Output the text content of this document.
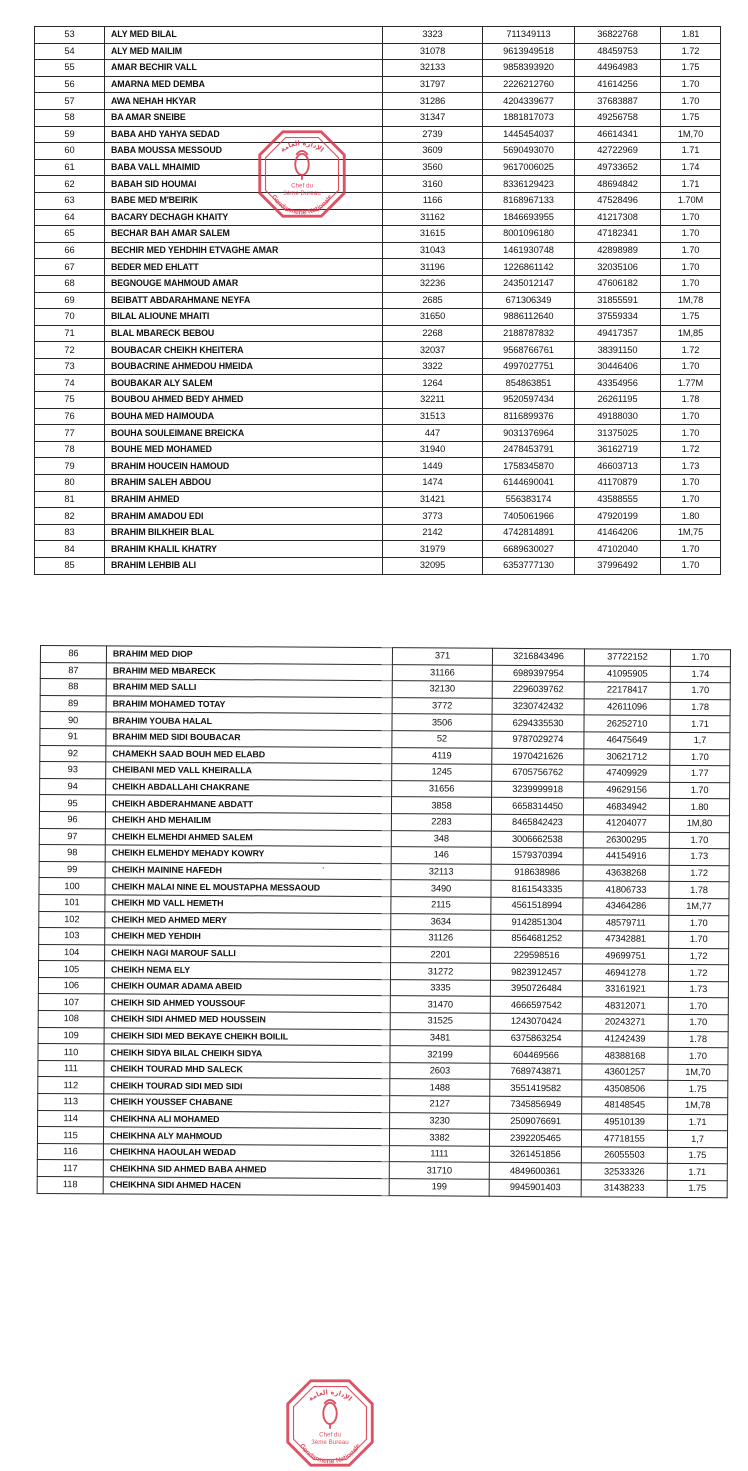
53	ALY MED BILAL	3323	711349113	36822768	1.81
54	ALY MED MAILIM	31078	9613949518	48459753	1.72
55	AMAR BECHIR VALL	32133	9858393920	44964983	1.75
56	AMARNA MED DEMBA	31797	2226212760	41614256	1.70
57	AWA NEHAH HKYAR	31286	4204339677	37683887	1.70
58	BA AMAR SNEIBE	31347	1881817073	49256758	1.75
59	BABA AHD YAHYA SEDAD	2739	1445454037	46614341	1M,70
60	BABA MOUSSA MESSOUD	3609	5690493070	42722969	1.71
61	BABA VALL MHAIMID	3560	9617006025	49733652	1.74
62	BABAH SID HOUMAI	3160	8336129423	48694842	1.71
63	BABE MED M'BEIRIK	1166	8168967133	47528496	1.70M
64	BACARY DECHAGH KHAITY	31162	1846693955	41217308	1.70
65	BECHAR BAH AMAR SALEM	31615	8001096180	47182341	1.70
66	BECHIR MED YEHDHIH ETVAGHE AMAR	31043	1461930748	42898989	1.70
67	BEDER MED EHLATT	31196	1226861142	32035106	1.70
68	BEGNOUGE MAHMOUD AMAR	32236	2435012147	47606182	1.70
69	BEIBATT ABDARAHMANE NEYFA	2685	671306349	31855591	1M,78
70	BILAL ALIOUNE MHAITI	31650	9886112640	37559334	1.75
71	BLAL MBARECK BEBOU	2268	2188787832	49417357	1M,85
72	BOUBACAR CHEIKH KHEITERA	32037	9568766761	38391150	1.72
73	BOUBACRINE AHMEDOU HMEIDA	3322	4997027751	30446406	1.70
74	BOUBAKAR ALY SALEM	1264	854863851	43354956	1.77M
75	BOUBOU AHMED BEDY AHMED	32211	9520597434	26261195	1.78
76	BOUHA MED HAIMOUDA	31513	8116899376	49188030	1.70
77	BOUHA SOULEIMANE BREICKA	447	9031376964	31375025	1.70
78	BOUHE MED MOHAMED	31940	2478453791	36162719	1.72
79	BRAHIM HOUCEIN HAMOUD	1449	1758345870	46603713	1.73
80	BRAHIM SALEH ABDOU	1474	6144690041	41170879	1.70
81	BRAHIM AHMED	31421	556383174	43588555	1.70
82	BRAHIM AMADOU EDI	3773	7405061966	47920199	1.80
83	BRAHIM BILKHEIR BLAL	2142	4742814891	41464206	1M,75
84	BRAHIM KHALIL KHATRY	31979	6689630027	47102040	1.70
85	BRAHIM LEHBIB ALI	32095	6353777130	37996492	1.70
Chef du
3ème Bureau
Gendarmerie Nationale
الإدارة العامة
86	BRAHIM MED DIOP	371	3216843496	37722152	1.70
87	BRAHIM MED MBARECK	31166	6989397954	41095905	1.74
88	BRAHIM MED SALLI	32130	2296039762	22178417	1.70
89	BRAHIM MOHAMED TOTAY	3772	3230742432	42611096	1.78
90	BRAHIM YOUBA HALAL	3506	6294335530	26252710	1.71
91	BRAHIM MED SIDI BOUBACAR	52	9787029274	46475649	1,7
92	CHAMEKH SAAD BOUH MED ELABD	4119	1970421626	30621712	1.70
93	CHEIBANI MED VALL KHEIRALLA	1245	6705756762	47409929	1.77
94	CHEIKH ABDALLAHI CHAKRANE	31656	3239999918	49629156	1.70
95	CHEIKH ABDERAHMANE ABDATT	3858	6658314450	46834942	1.80
96	CHEIKH AHD MEHAILIM	2283	8465842423	41204077	1M,80
97	CHEIKH ELMEHDI AHMED SALEM	348	3006662538	26300295	1.70
98	CHEIKH ELMEHDY MEHADY KOWRY	146	1579370394	44154916	1.73
99	CHEIKH MAININE HAFEDH	32113	918638986	43638268	1.72
100	CHEIKH MALAI NINE EL MOUSTAPHA MESSAOUD	3490	8161543335	41806733	1.78
101	CHEIKH MD VALL HEMETH	2115	4561518994	43464286	1M,77
102	CHEIKH MED AHMED MERY	3634	9142851304	48579711	1.70
103	CHEIKH MED YEHDIH	31126	8564681252	47342881	1.70
104	CHEIKH NAGI MAROUF SALLI	2201	229598516	49699751	1,72
105	CHEIKH NEMA ELY	31272	9823912457	46941278	1.72
106	CHEIKH OUMAR ADAMA ABEID	3335	3950726484	33161921	1.73
107	CHEIKH SID AHMED YOUSSOUF	31470	4666597542	48312071	1.70
108	CHEIKH SIDI AHMED MED HOUSSEIN	31525	1243070424	20243271	1.70
109	CHEIKH SIDI MED BEKAYE CHEIKH BOILIL	3481	6375863254	41242439	1.78
110	CHEIKH SIDYA BILAL CHEIKH SIDYA	32199	604469566	48388168	1.70
111	CHEIKH TOURAD MHD SALECK	2603	7689743871	43601257	1M,70
112	CHEIKH TOURAD SIDI MED SIDI	1488	3551419582	43508506	1.75
113	CHEIKH YOUSSEF CHABANE	2127	7345856949	48148545	1M,78
114	CHEIKHNA ALI MOHAMED	3230	2509076691	49510139	1.71
115	CHEIKHNA ALY MAHMOUD	3382	2392205465	47718155	1,7
116	CHEIKHNA HAOULAH WEDAD	1111	3261451856	26055503	1.75
117	CHEIKHNA SID AHMED BABA AHMED	31710	4849600361	32533326	1.71
118	CHEIKHNA SIDI AHMED HACEN	199	9945901403	31438233	1.75
Chef du
3ème Bureau
Gendarmerie Nationale
الإدارة العامة
,
